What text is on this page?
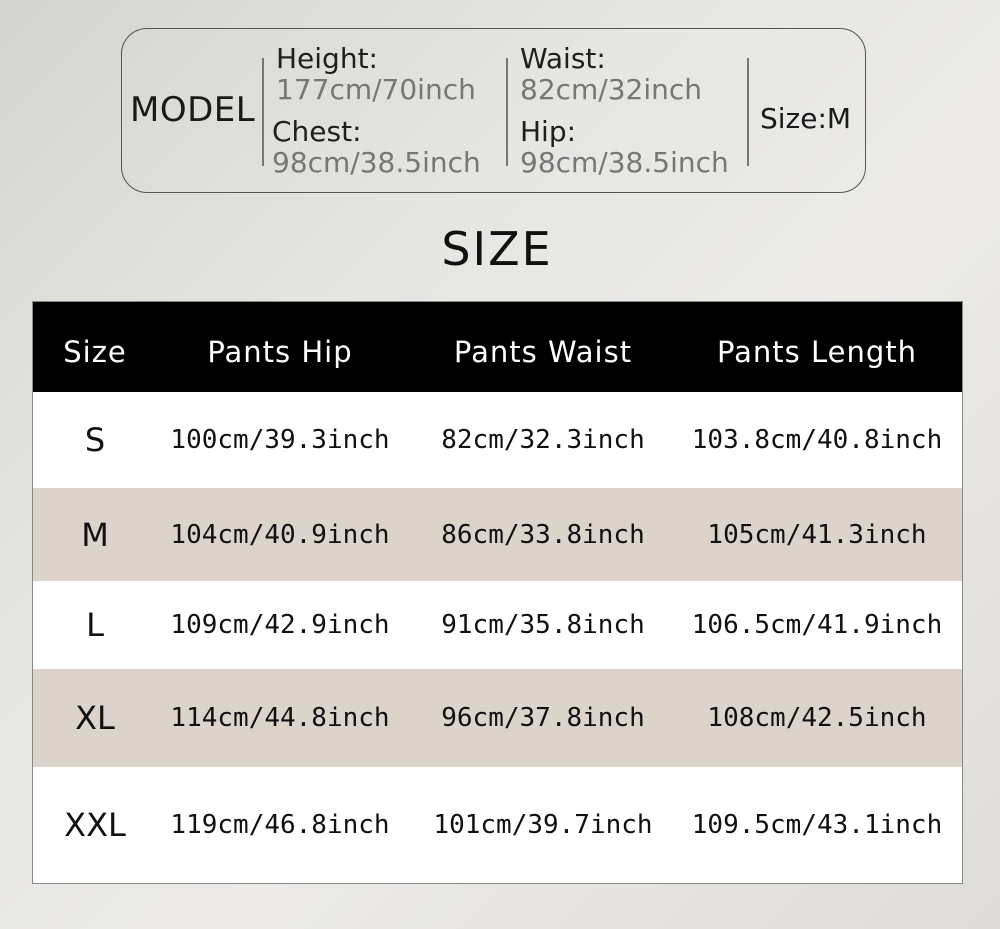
MODEL
Height:
177cm/70inch
Chest:
98cm/38.5inch
Waist:
82cm/32inch
Hip:
98cm/38.5inch
Size:M
SIZE
Size	Pants Hip	Pants Waist	Pants Length
S	100cm/39.3inch	82cm/32.3inch	103.8cm/40.8inch
M	104cm/40.9inch	86cm/33.8inch	105cm/41.3inch
L	109cm/42.9inch	91cm/35.8inch	106.5cm/41.9inch
XL	114cm/44.8inch	96cm/37.8inch	108cm/42.5inch
XXL	119cm/46.8inch	101cm/39.7inch 109.5cm/43.1inch
